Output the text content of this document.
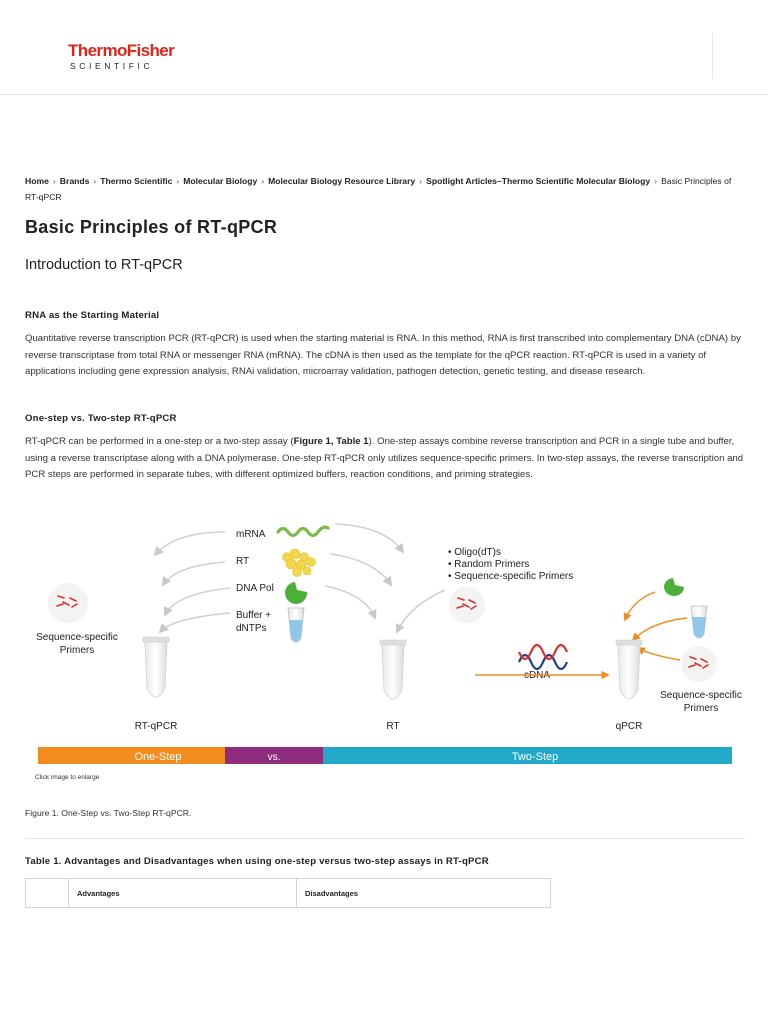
ThermoFisher
SCIENTIFIC
Home › Brands › Thermo Scientific › Molecular Biology › Molecular Biology Resource Library › Spotlight Articles–Thermo Scientific Molecular Biology › Basic Principles of RT-qPCR
Basic Principles of RT-qPCR
Introduction to RT-qPCR
RNA as the Starting Material
Quantitative reverse transcription PCR (RT-qPCR) is used when the starting material is RNA. In this method, RNA is first transcribed into complementary DNA (cDNA) by reverse transcriptase from total RNA or messenger RNA (mRNA). The cDNA is then used as the template for the qPCR reaction. RT-qPCR is used in a variety of applications including gene expression analysis, RNAi validation, microarray validation, pathogen detection, genetic testing, and disease research.
One-step vs. Two-step RT-qPCR
RT-qPCR can be performed in a one-step or a two-step assay (Figure 1, Table 1). One-step assays combine reverse transcription and PCR in a single tube and buffer, using a reverse transcriptase along with a DNA polymerase. One-step RT-qPCR only utilizes sequence-specific primers. In two-step assays, the reverse transcription and PCR steps are performed in separate tubes, with different optimized buffers, reaction conditions, and priming strategies.
mRNA
RT
DNA Pol
Buffer +
dNTPs
Sequence-specific
Primers
RT-qPCR	RT
• Oligo(dT)s
• Random Primers
• Sequence-specific Primers
cDNA
Sequence-specific
Primers
qPCR
One-Step	vs.	Two-Step
Click image to enlarge
Figure 1. One-Step vs. Two-Step RT-qPCR.
Table 1. Advantages and Disadvantages when using one-step versus two-step assays in RT-qPCR
	Advantages	Disadvantages
